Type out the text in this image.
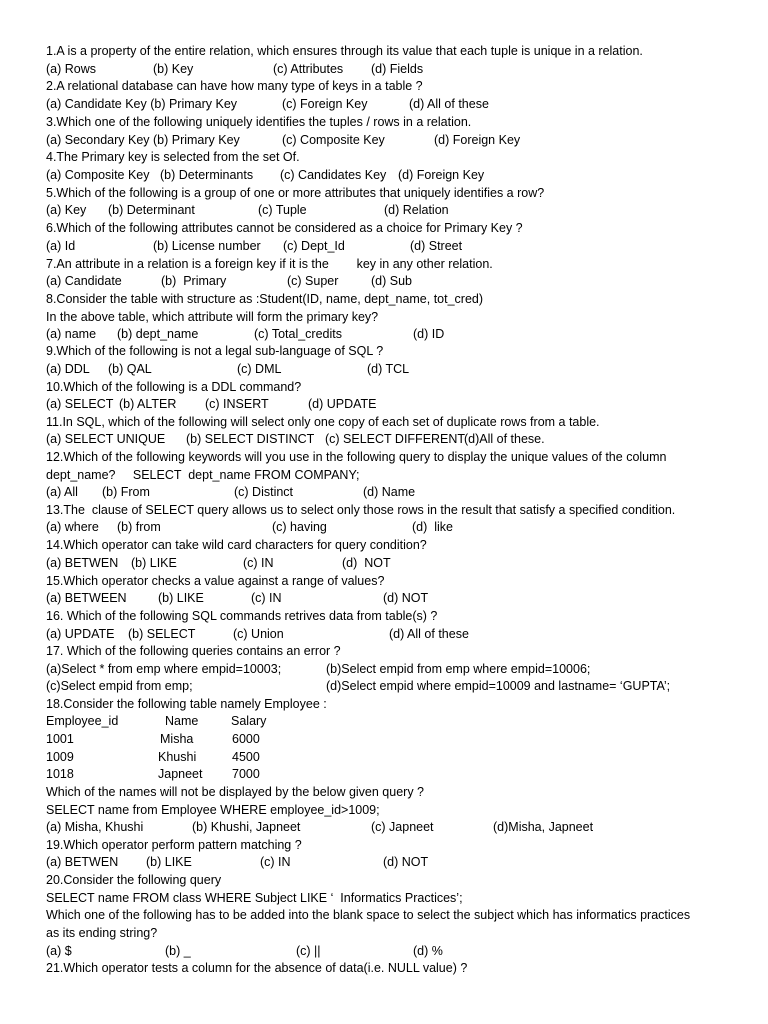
1.A is a property of the entire relation, which ensures through its value that each tuple is unique in a relation.
(a) Rows	(b) Key	(c) Attributes (d) Fields
2.A relational database can have how many type of keys in a table ?
(a) Candidate Key (b) Primary Key	(c) Foreign Key	(d) All of these
3.Which one of the following uniquely identifies the tuples / rows in a relation.
(a) Secondary Key (b) Primary Key	(c) Composite Key	(d) Foreign Key
4.The Primary key is selected from the set Of.
(a) Composite Key (b) Determinants (c) Candidates Key (d) Foreign Key
5.Which of the following is a group of one or more attributes that uniquely identifies a row?
(a) Key (b) Determinant	(c) Tuple	(d) Relation
6.Which of the following attributes cannot be considered as a choice for Primary Key ?
(a) Id	(b) License number (c) Dept_Id	(d) Street
7.An attribute in a relation is a foreign key if it is the        key in any other relation.
(a) Candidate	(b)  Primary	(c) Super	(d) Sub
8.Consider the table with structure as :Student(ID, name, dept_name, tot_cred)
In the above table, which attribute will form the primary key?
(a) name (b) dept_name	(c) Total_credits	(d) ID
9.Which of the following is not a legal sub-language of SQL ?
(a) DDL (b) QAL	(c) DML	(d) TCL
10.Which of the following is a DDL command?
(a) SELECT (b) ALTER (c) INSERT	(d) UPDATE
11.In SQL, which of the following will select only one copy of each set of duplicate rows from a table.
(a) SELECT UNIQUE (b) SELECT DISTINCT (c) SELECT DIFFERENT
(d)All of these.
12.Which of the following keywords will you use in the following query to display the unique values of the column
dept_name?     SELECT  dept_name FROM COMPANY;
(a) All (b) From	(c) Distinct	(d) Name
13.The  clause of SELECT query allows us to select only those rows in the result that satisfy a specified condition.
(a) where (b) from	(c) having	(d)  like
14.Which operator can take wild card characters for query condition?
(a) BETWEN (b) LIKE	(c) IN	(d)  NOT
15.Which operator checks a value against a range of values?
(a) BETWEEN	(b) LIKE	(c) IN	(d) NOT
16. Which of the following SQL commands retrives data from table(s) ?
(a) UPDATE (b) SELECT	(c) Union	(d) All of these
17. Which of the following queries contains an error ?
(a)Select * from emp where empid=10003;	(b)Select empid from emp where empid=10006;
(c)Select empid from emp;	(d)Select empid where empid=10009 and lastname= ‘GUPTA’;
18.Consider the following table namely Employee :
Employee_id	Name	Salary
1001	Misha	6000
1009	Khushi	4500
1018	Japneet 7000
Which of the names will not be displayed by the below given query ?
SELECT name from Employee WHERE employee_id>1009;
(a) Misha, Khushi	(b) Khushi, Japneet	(c) Japneet	(d)Misha, Japneet
19.Which operator perform pattern matching ?
(a) BETWEN (b) LIKE	(c) IN	(d) NOT
20.Consider the following query
SELECT name FROM class WHERE Subject LIKE ‘  Informatics Practices’;
Which one of the following has to be added into the blank space to select the subject which has informatics practices
as its ending string?
(a) $	(b) _	(c) ||	(d) %
21.Which operator tests a column for the absence of data(i.e. NULL value) ?
